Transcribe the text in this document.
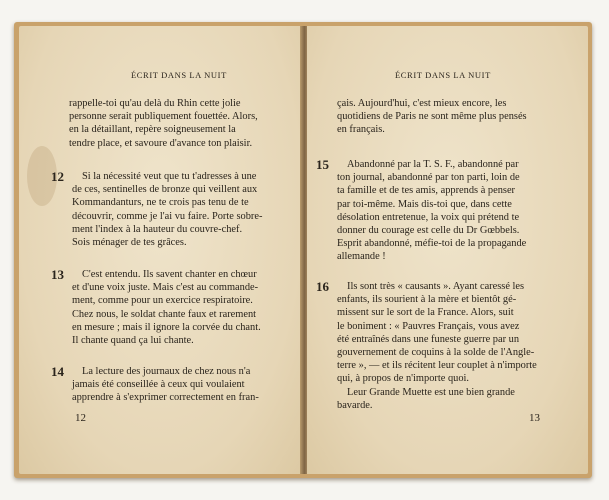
ÉCRIT DANS LA NUIT

rappelle-toi qu'au delà du Rhin cette jolie
personne serait publiquement fouettée. Alors,
en la détaillant, repère soigneusement la
tendre place, et savoure d'avance ton plaisir.

12	Si la nécessité veut que tu t'adresses à une
de ces, sentinelles de bronze qui veillent aux
Kommandanturs, ne te crois pas tenu de te
découvrir, comme je l'ai vu faire. Porte sobre-
ment l'index à la hauteur du couvre-chef.
Sois ménager de tes grâces.

13	C'est entendu. Ils savent chanter en chœur
et d'une voix juste. Mais c'est au commande-
ment, comme pour un exercice respiratoire.
Chez nous, le soldat chante faux et rarement
en mesure ; mais il ignore la corvée du chant.
Il chante quand ça lui chante.

14	La lecture des journaux de chez nous n'a
jamais été conseillée à ceux qui voulaient
apprendre à s'exprimer correctement en fran-

12
ÉCRIT DANS LA NUIT

çais. Aujourd'hui, c'est mieux encore, les
quotidiens de Paris ne sont même plus pensés
en français.

15	Abandonné par la T. S. F., abandonné par
ton journal, abandonné par ton parti, loin de
ta famille et de tes amis, apprends à penser
par toi-même. Mais dis-toi que, dans cette
désolation entretenue, la voix qui prétend te
donner du courage est celle du Dr Gœbbels.
Esprit abandonné, méfie-toi de la propagande
allemande !

16	Ils sont très « causants ». Ayant caressé les
enfants, ils sourient à la mère et bientôt gé-
missent sur le sort de la France. Alors, suit
le boniment : « Pauvres Français, vous avez
été entraînés dans une funeste guerre par un
gouvernement de coquins à la solde de l'Angle-
terre », — et ils récitent leur couplet à n'importe
qui, à propos de n'importe quoi.
Leur Grande Muette est une bien grande
bavarde.

13
